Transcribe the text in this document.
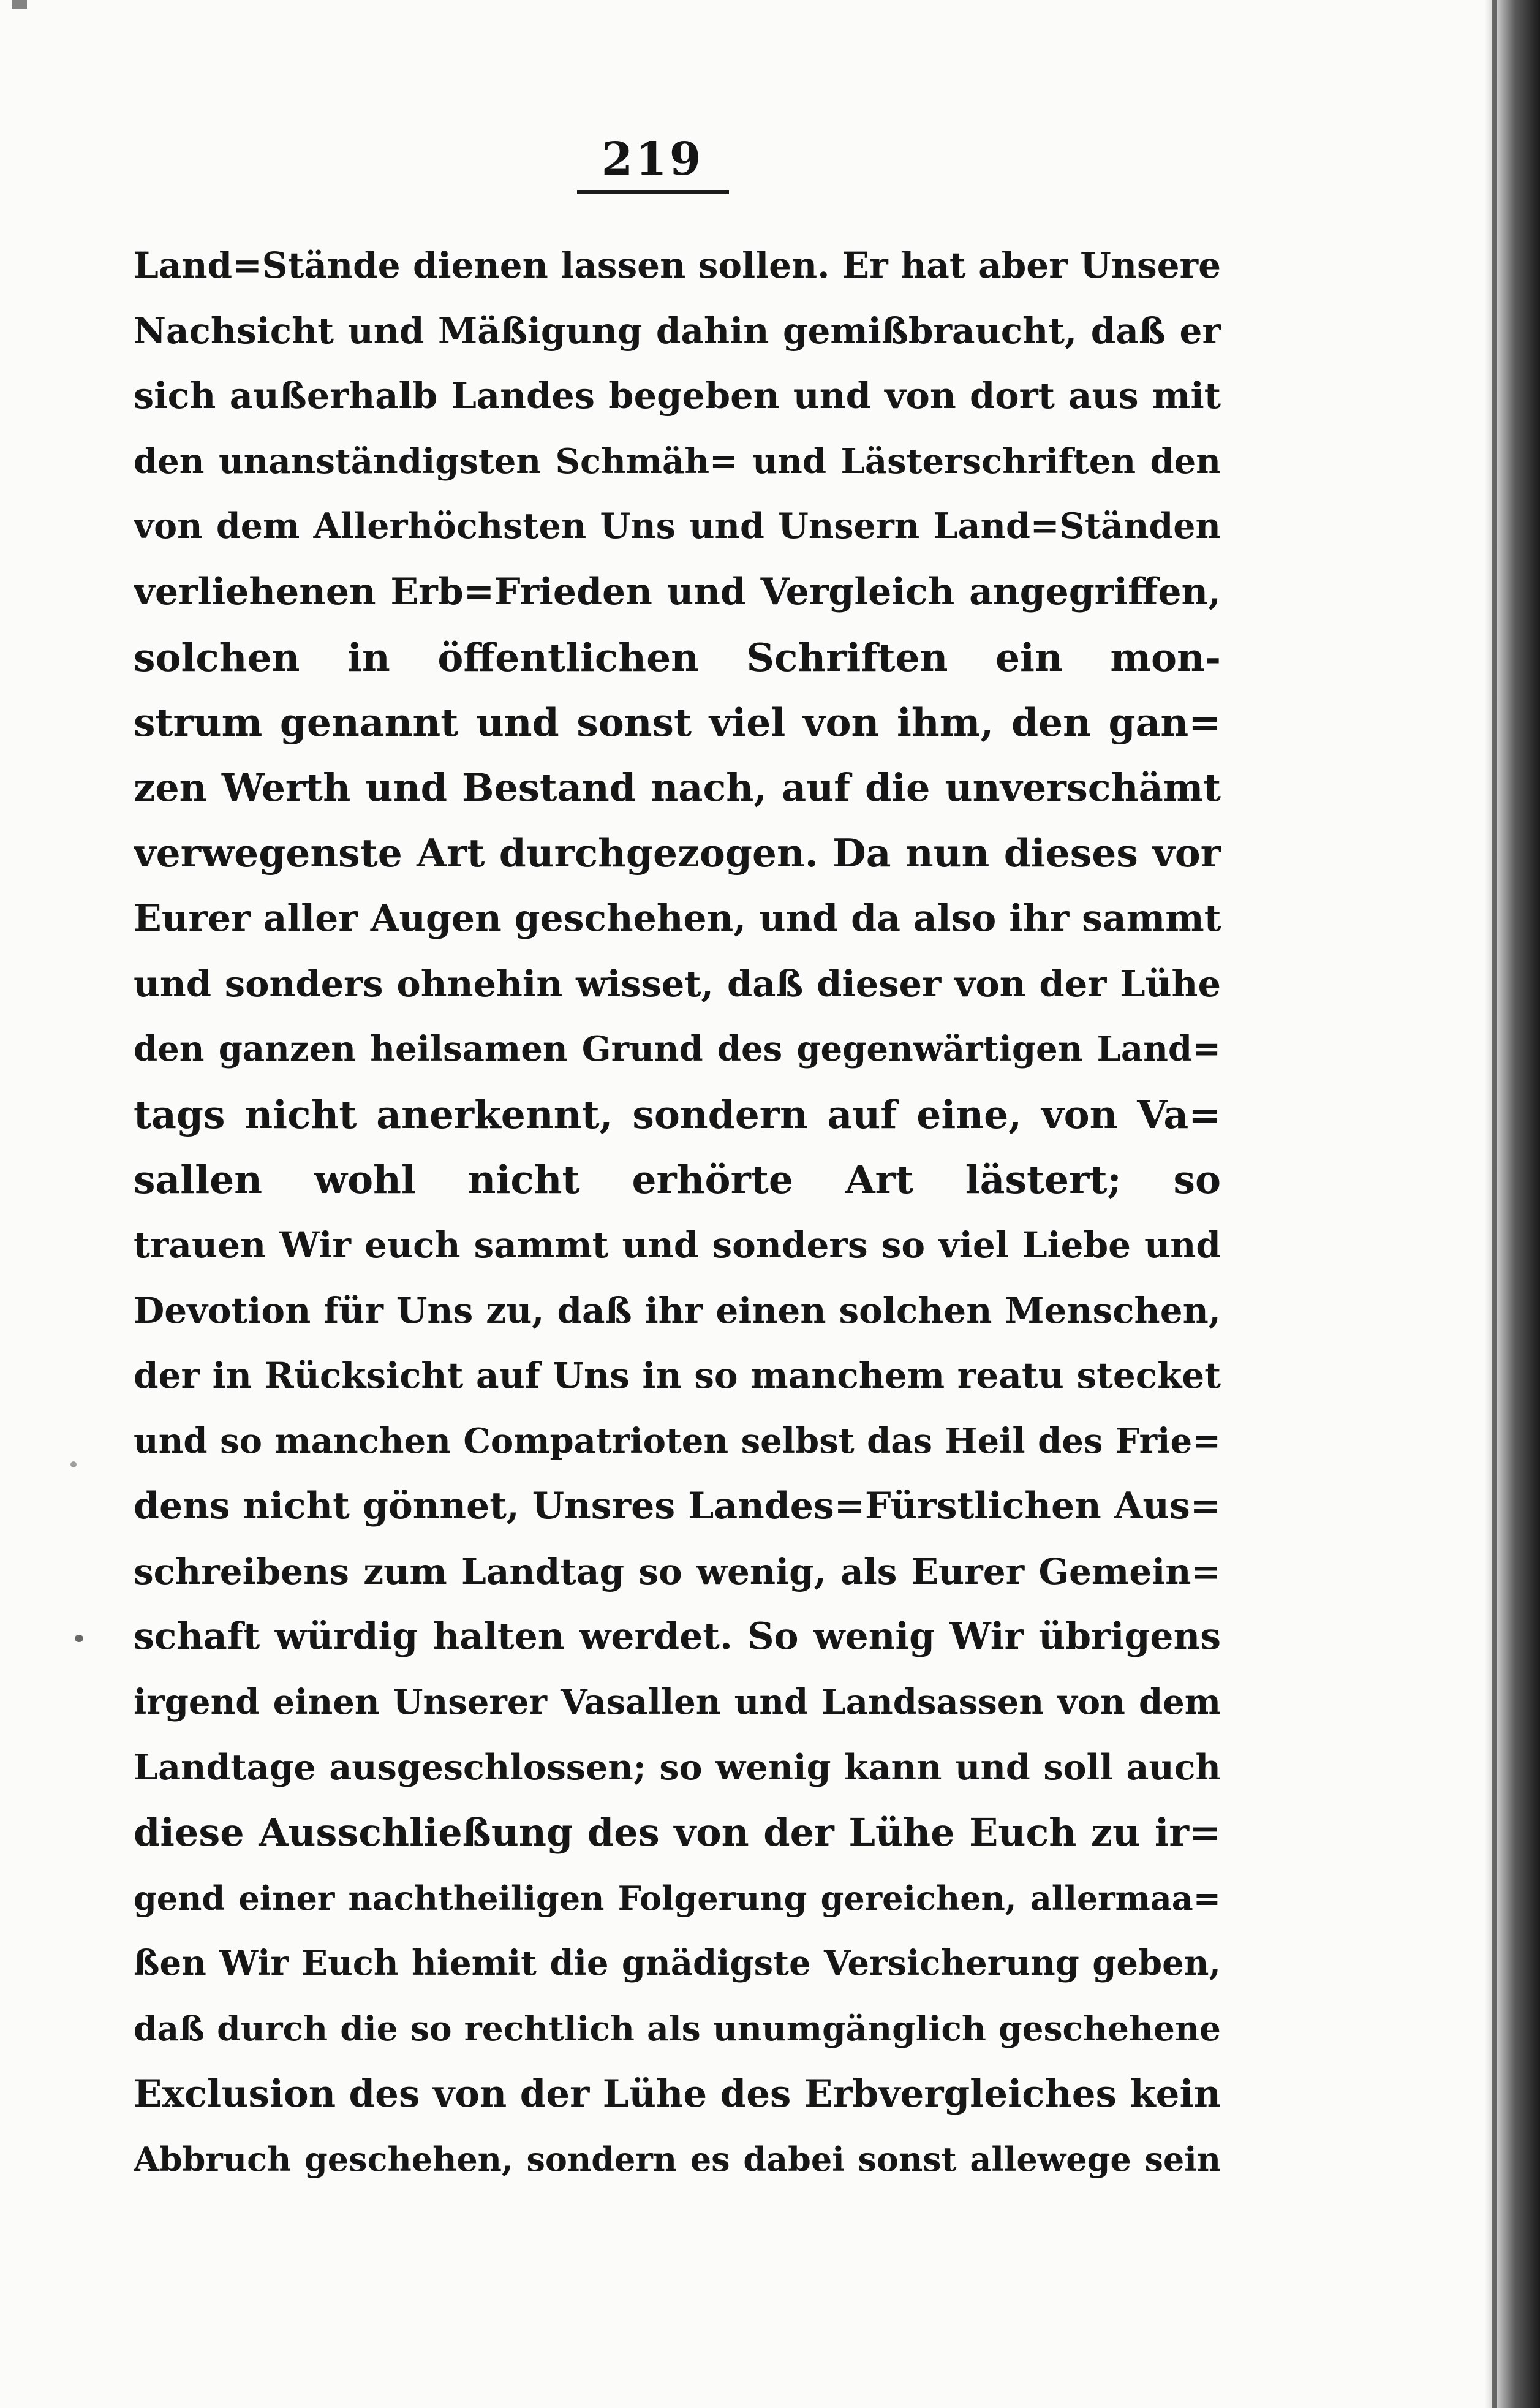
219
Land=Stände dienen lassen sollen. Er hat aber Unsere
Nachsicht und Mäßigung dahin gemißbraucht, daß er
sich außerhalb Landes begeben und von dort aus mit
den unanständigsten Schmäh= und Lästerschriften den
von dem Allerhöchsten Uns und Unsern Land=Ständen
verliehenen Erb=Frieden und Vergleich angegriffen,
solchen in öffentlichen Schriften ein mon-
strum genannt und sonst viel von ihm, den gan=
zen Werth und Bestand nach, auf die unverschämt
verwegenste Art durchgezogen. Da nun dieses vor
Eurer aller Augen geschehen, und da also ihr sammt
und sonders ohnehin wisset, daß dieser von der Lühe
den ganzen heilsamen Grund des gegenwärtigen Land=
tags nicht anerkennt, sondern auf eine, von Va=
sallen wohl nicht erhörte Art lästert; so
trauen Wir euch sammt und sonders so viel Liebe und
Devotion für Uns zu, daß ihr einen solchen Menschen,
der in Rücksicht auf Uns in so manchem reatu stecket
und so manchen Compatrioten selbst das Heil des Frie=
dens nicht gönnet, Unsres Landes=Fürstlichen Aus=
schreibens zum Landtag so wenig, als Eurer Gemein=
schaft würdig halten werdet. So wenig Wir übrigens
irgend einen Unserer Vasallen und Landsassen von dem
Landtage ausgeschlossen; so wenig kann und soll auch
diese Ausschließung des von der Lühe Euch zu ir=
gend einer nachtheiligen Folgerung gereichen, allermaa=
ßen Wir Euch hiemit die gnädigste Versicherung geben,
daß durch die so rechtlich als unumgänglich geschehene
Exclusion des von der Lühe des Erbvergleiches kein
Abbruch geschehen, sondern es dabei sonst allewege sein
